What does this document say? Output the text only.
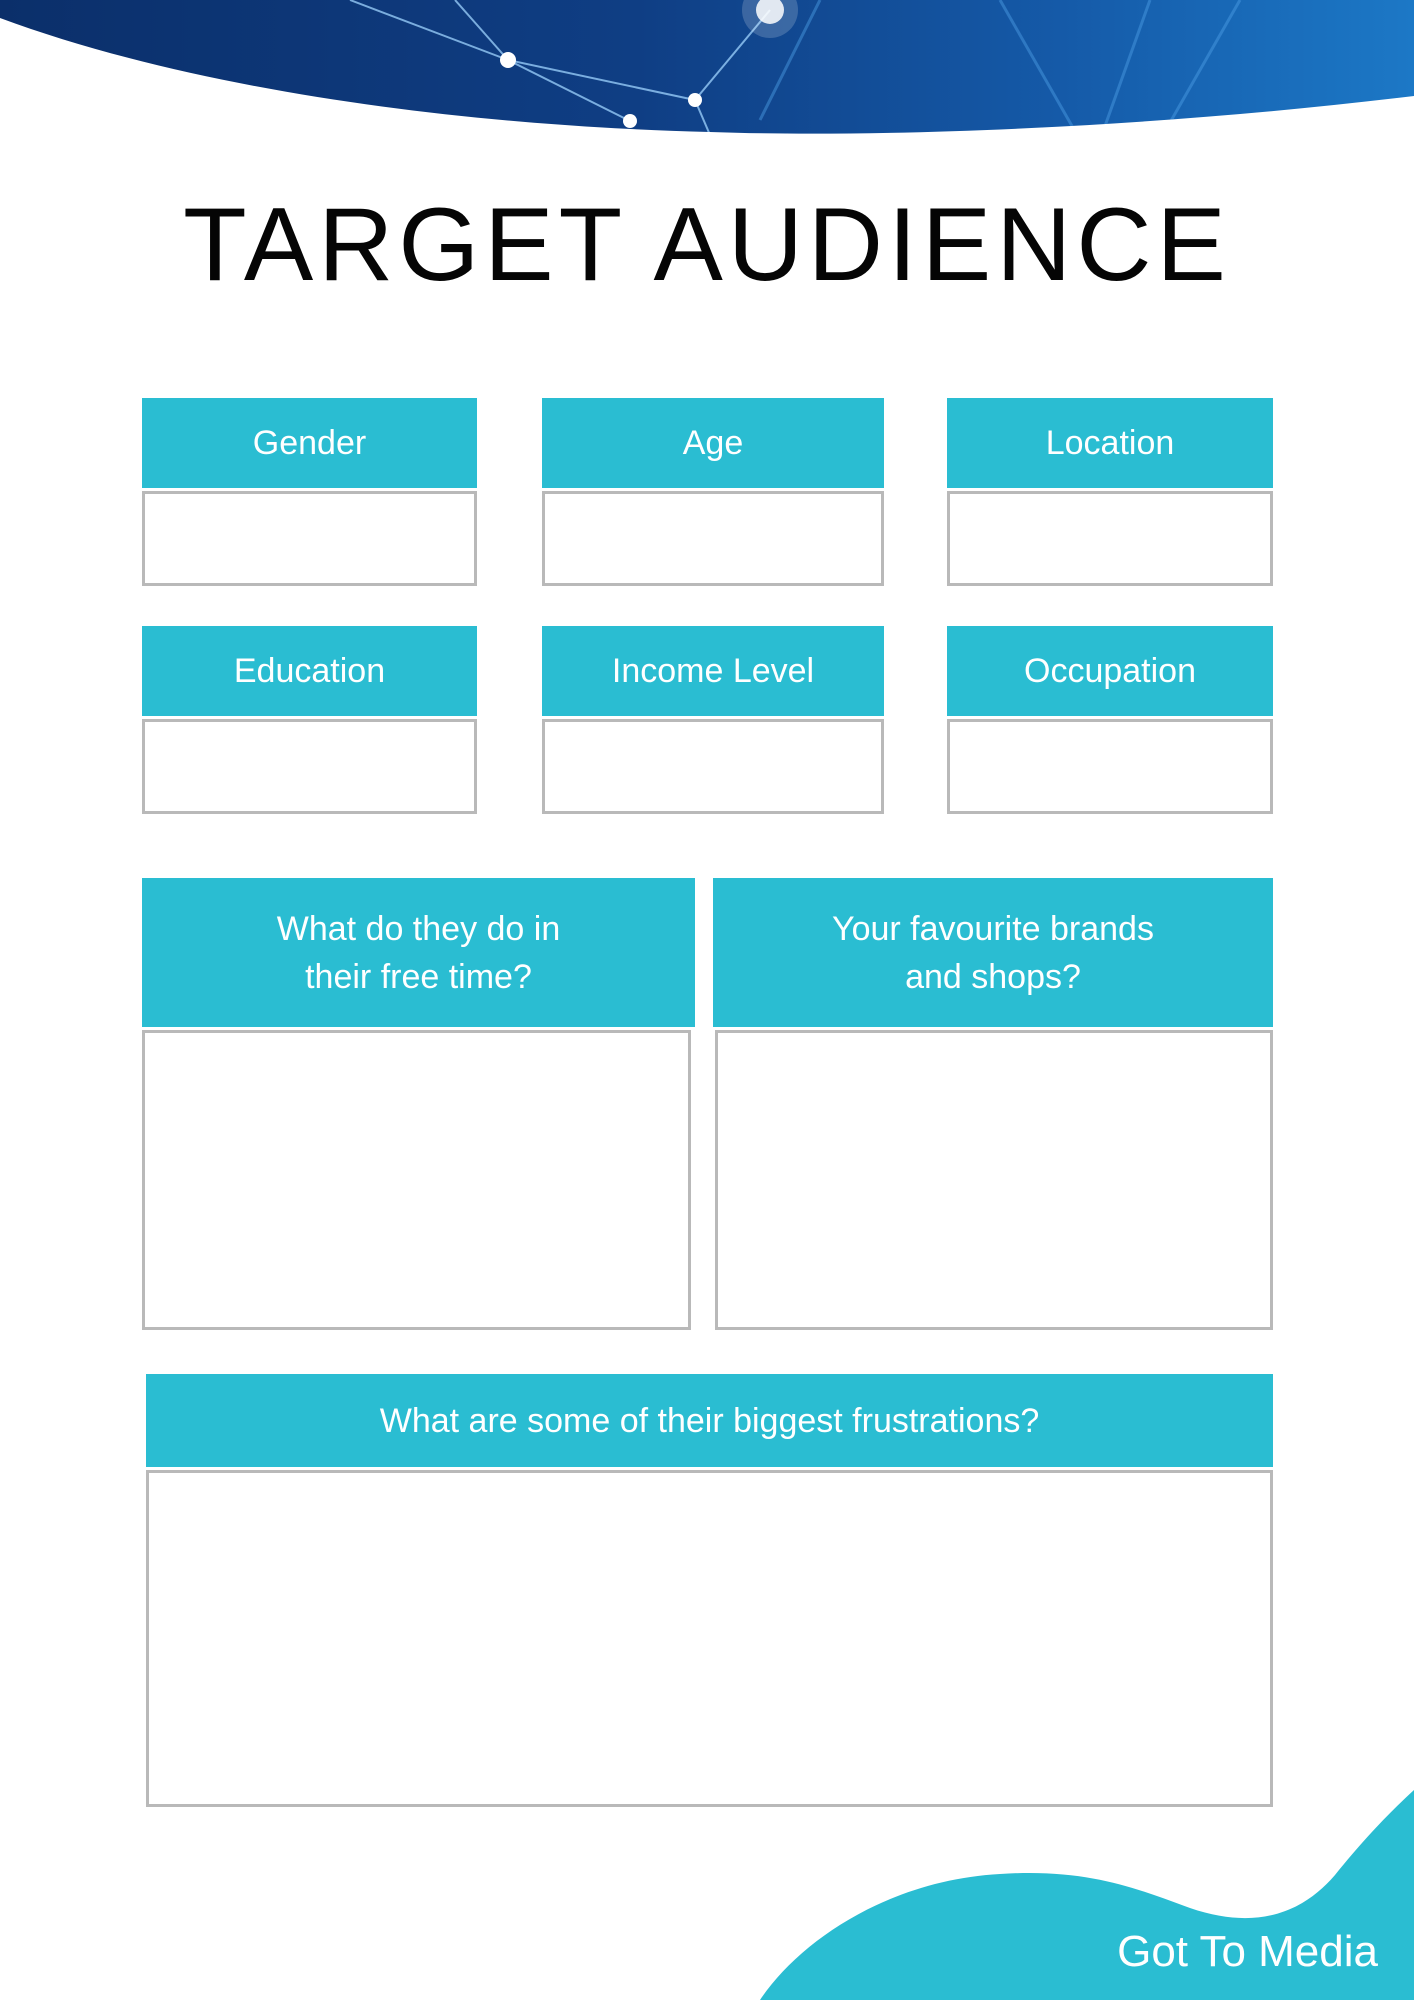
TARGET AUDIENCE
Gender	Age	Location
Education	Income Level	Occupation
What do they do in
their free time?
Your favourite brands
and shops?
What are some of their biggest frustrations?
Got To Media
